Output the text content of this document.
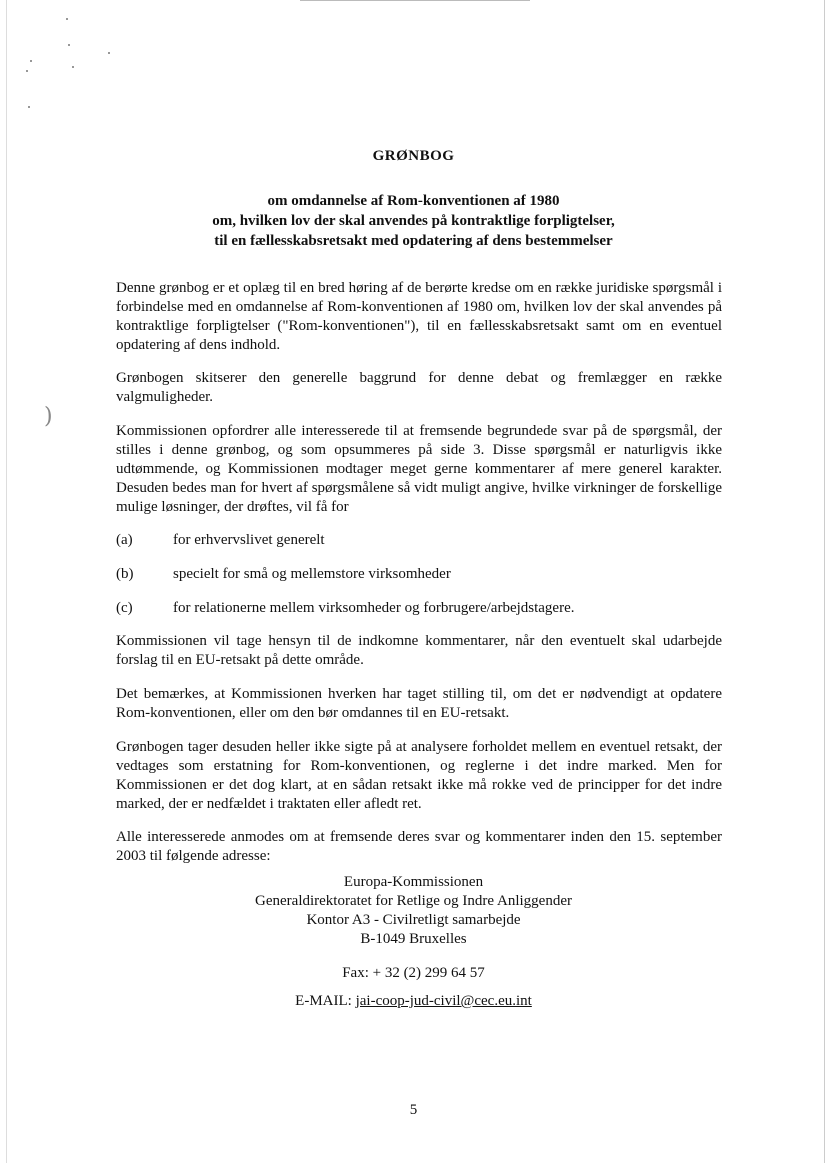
)
GRØNBOG
om omdannelse af Rom-konventionen af 1980
om, hvilken lov der skal anvendes på kontraktlige forpligtelser,
til en fællesskabsretsakt med opdatering af dens bestemmelser

Denne grønbog er et oplæg til en bred høring af de berørte kredse om en række juridiske spørgsmål i forbindelse med en omdannelse af Rom-konventionen af 1980 om, hvilken lov der skal anvendes på kontraktlige forpligtelser ("Rom-konventionen"), til en fællesskabsretsakt samt om en eventuel opdatering af dens indhold.

Grønbogen skitserer den generelle baggrund for denne debat og fremlægger en række valgmuligheder.

Kommissionen opfordrer alle interesserede til at fremsende begrundede svar på de spørgsmål, der stilles i denne grønbog, og som opsummeres på side 3. Disse spørgsmål er naturligvis ikke udtømmende, og Kommissionen modtager meget gerne kommentarer af mere generel karakter. Desuden bedes man for hvert af spørgsmålene så vidt muligt angive, hvilke virkninger de forskellige mulige løsninger, der drøftes, vil få for

(a)	for erhvervslivet generelt
(b)	specielt for små og mellemstore virksomheder
(c)	for relationerne mellem virksomheder og forbrugere/arbejdstagere.

Kommissionen vil tage hensyn til de indkomne kommentarer, når den eventuelt skal udarbejde forslag til en EU-retsakt på dette område.

Det bemærkes, at Kommissionen hverken har taget stilling til, om det er nødvendigt at opdatere Rom-konventionen, eller om den bør omdannes til en EU-retsakt.

Grønbogen tager desuden heller ikke sigte på at analysere forholdet mellem en eventuel retsakt, der vedtages som erstatning for Rom-konventionen, og reglerne i det indre marked. Men for Kommissionen er det dog klart, at en sådan retsakt ikke må rokke ved de principper for det indre marked, der er nedfældet i traktaten eller afledt ret.

Alle interesserede anmodes om at fremsende deres svar og kommentarer inden den 15. september 2003 til følgende adresse:

Europa-Kommissionen
Generaldirektoratet for Retlige og Indre Anliggender
Kontor A3 - Civilretligt samarbejde
B-1049 Bruxelles
Fax: + 32 (2) 299 64 57
E-MAIL: jai-coop-jud-civil@cec.eu.int
5
